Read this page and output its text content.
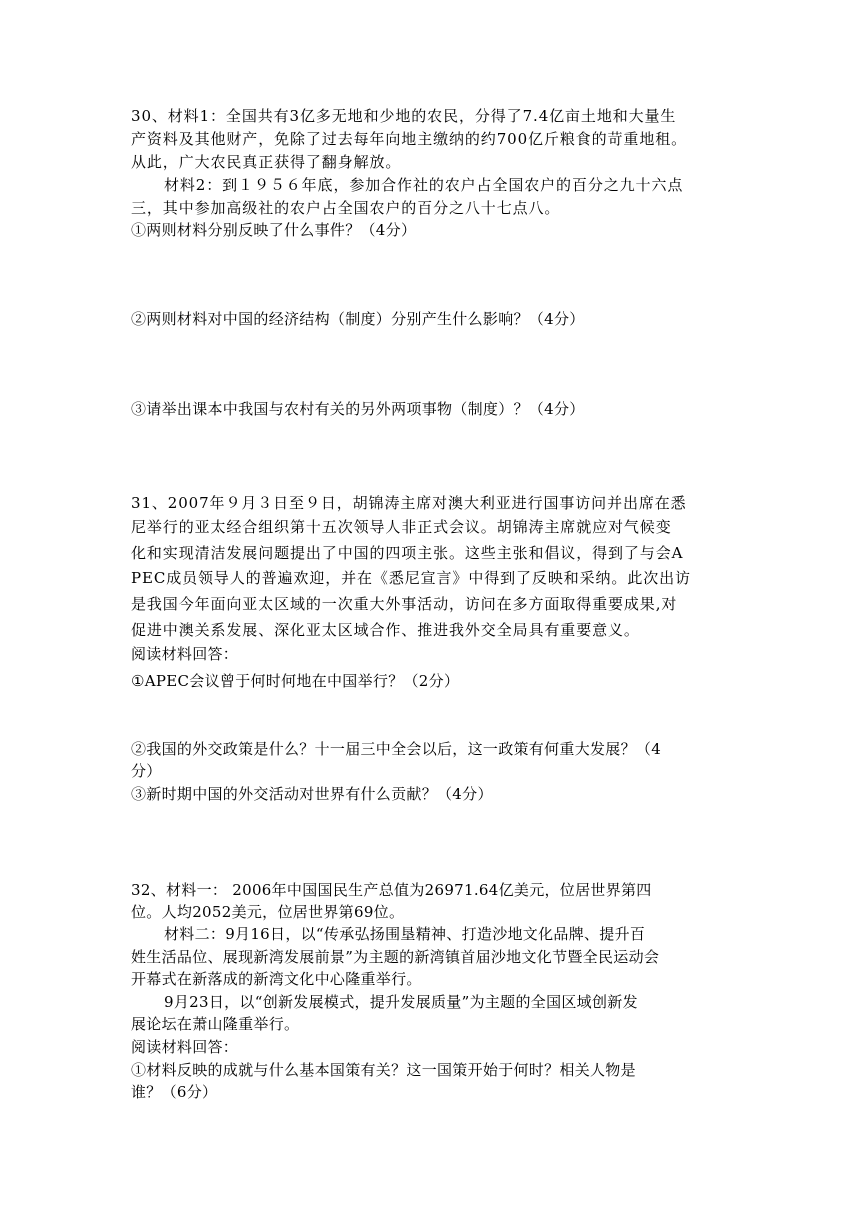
30、材料1：全国共有3亿多无地和少地的农民，分得了7.4亿亩土地和大量生
产资料及其他财产，免除了过去每年向地主缴纳的约700亿斤粮食的苛重地租。
从此，广大农民真正获得了翻身解放。
材料2：到１９５６年底，参加合作社的农户占全国农户的百分之九十六点
三，其中参加高级社的农户占全国农户的百分之八十七点八。
①两则材料分别反映了什么事件？（4分）
②两则材料对中国的经济结构（制度）分别产生什么影响？（4分）
③请举出课本中我国与农村有关的另外两项事物（制度）？（4分）
31、2007年９月３日至９日，胡锦涛主席对澳大利亚进行国事访问并出席在悉
尼举行的亚太经合组织第十五次领导人非正式会议。胡锦涛主席就应对气候变
化和实现清洁发展问题提出了中国的四项主张。这些主张和倡议，得到了与会A
PEC成员领导人的普遍欢迎，并在《悉尼宣言》中得到了反映和采纳。此次出访
是我国今年面向亚太区域的一次重大外事活动，访问在多方面取得重要成果,对
促进中澳关系发展、深化亚太区域合作、推进我外交全局具有重要意义。
阅读材料回答：
①APEC会议曾于何时何地在中国举行？（2分）
②我国的外交政策是什么？十一届三中全会以后，这一政策有何重大发展？（4
分）
③新时期中国的外交活动对世界有什么贡献？（4分）
32、材料一： 2006年中国国民生产总值为26971.64亿美元，位居世界第四
位。人均2052美元，位居世界第69位。
材料二：9月16日，以“传承弘扬围垦精神、打造沙地文化品牌、提升百
姓生活品位、展现新湾发展前景”为主题的新湾镇首届沙地文化节暨全民运动会
开幕式在新落成的新湾文化中心隆重举行。
9月23日，以“创新发展模式，提升发展质量”为主题的全国区域创新发
展论坛在萧山隆重举行。
阅读材料回答：
①材料反映的成就与什么基本国策有关？这一国策开始于何时？相关人物是
谁？（6分）
